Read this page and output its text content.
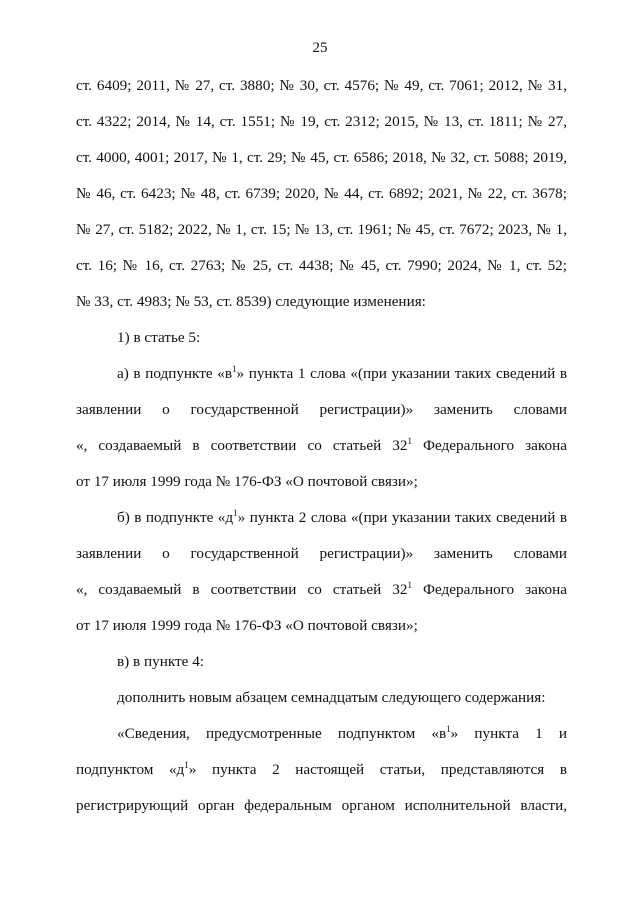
25
ст. 6409; 2011, № 27, ст. 3880; № 30, ст. 4576; № 49, ст. 7061; 2012, № 31,
ст. 4322; 2014, № 14, ст. 1551; № 19, ст. 2312; 2015, № 13, ст. 1811; № 27,
ст. 4000, 4001; 2017, № 1, ст. 29; № 45, ст. 6586; 2018, № 32, ст. 5088; 2019,
№ 46, ст. 6423; № 48, ст. 6739; 2020, № 44, ст. 6892; 2021, № 22, ст. 3678;
№ 27, ст. 5182; 2022, № 1, ст. 15; № 13, ст. 1961; № 45, ст. 7672; 2023, № 1,
ст. 16; № 16, ст. 2763; № 25, ст. 4438; № 45, ст. 7990; 2024, № 1, ст. 52;
№ 33, ст. 4983; № 53, ст. 8539) следующие изменения:
1) в статье 5:
а) в подпункте «$в^1$» пункта 1 слова «(при указании таких сведений в
заявлении о государственной регистрации)» заменить словами
«, создаваемый в соответствии со статьей $32^1$ Федерального закона
от 17 июля 1999 года № 176-ФЗ «О почтовой связи»;
б) в подпункте «$д^1$» пункта 2 слова «(при указании таких сведений в
заявлении о государственной регистрации)» заменить словами
«, создаваемый в соответствии со статьей $32^1$ Федерального закона
от 17 июля 1999 года № 176-ФЗ «О почтовой связи»;
в) в пункте 4:
дополнить новым абзацем семнадцатым следующего содержания:
«Сведения, предусмотренные подпунктом «$в^1$» пункта 1 и
подпунктом «$д^1$» пункта 2 настоящей статьи, представляются в
регистрирующий орган федеральным органом исполнительной власти,
